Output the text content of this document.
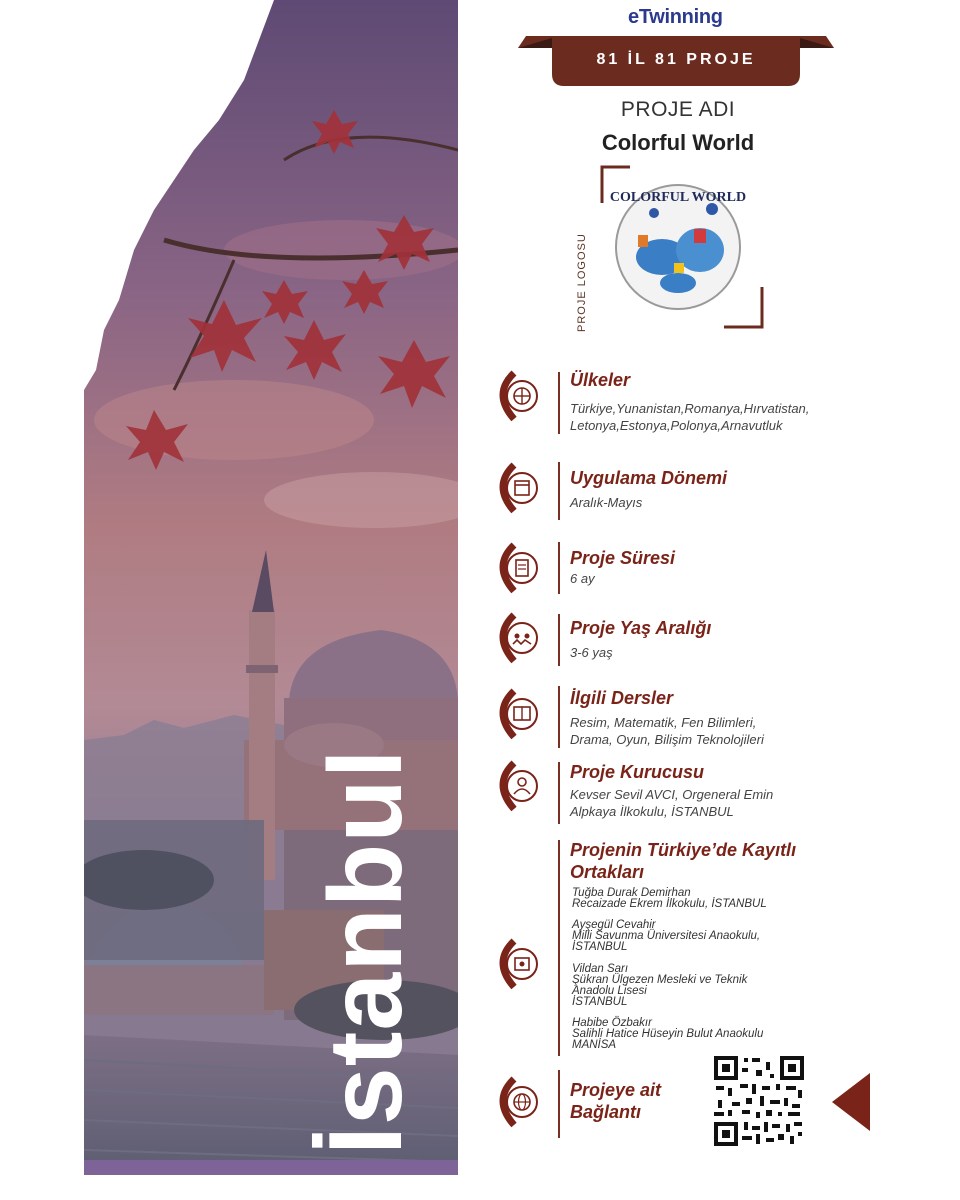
İstanbul
eTwinning
81 İL 81 PROJE
PROJE ADI
Colorful World
COLORFUL WORLD
PROJE LOGOSU
Ülkeler
Türkiye,Yunanistan,Romanya,Hırvatistan,
Letonya,Estonya,Polonya,Arnavutluk
Uygulama Dönemi
Aralık-Mayıs
Proje Süresi
6 ay
Proje Yaş Aralığı
3-6 yaş
İlgili Dersler
Resim, Matematik, Fen Bilimleri,
Drama, Oyun, Bilişim Teknolojileri
Proje Kurucusu
Kevser Sevil AVCI, Orgeneral Emin
Alpkaya İlkokulu, İSTANBUL
Projenin Türkiye’de Kayıtlı
Ortakları
Tuğba Durak Demirhan
Recaizade Ekrem İlkokulu, İSTANBUL
Ayşegül Cevahir
Milli Savunma Üniversitesi Anaokulu,
İSTANBUL
Vildan Sarı
Şükran Ülgezen Mesleki ve Teknik
Anadolu Lisesi
İSTANBUL
Habibe Özbakır
Salihli Hatice Hüseyin Bulut Anaokulu
MANİSA
Projeye ait
Bağlantı
